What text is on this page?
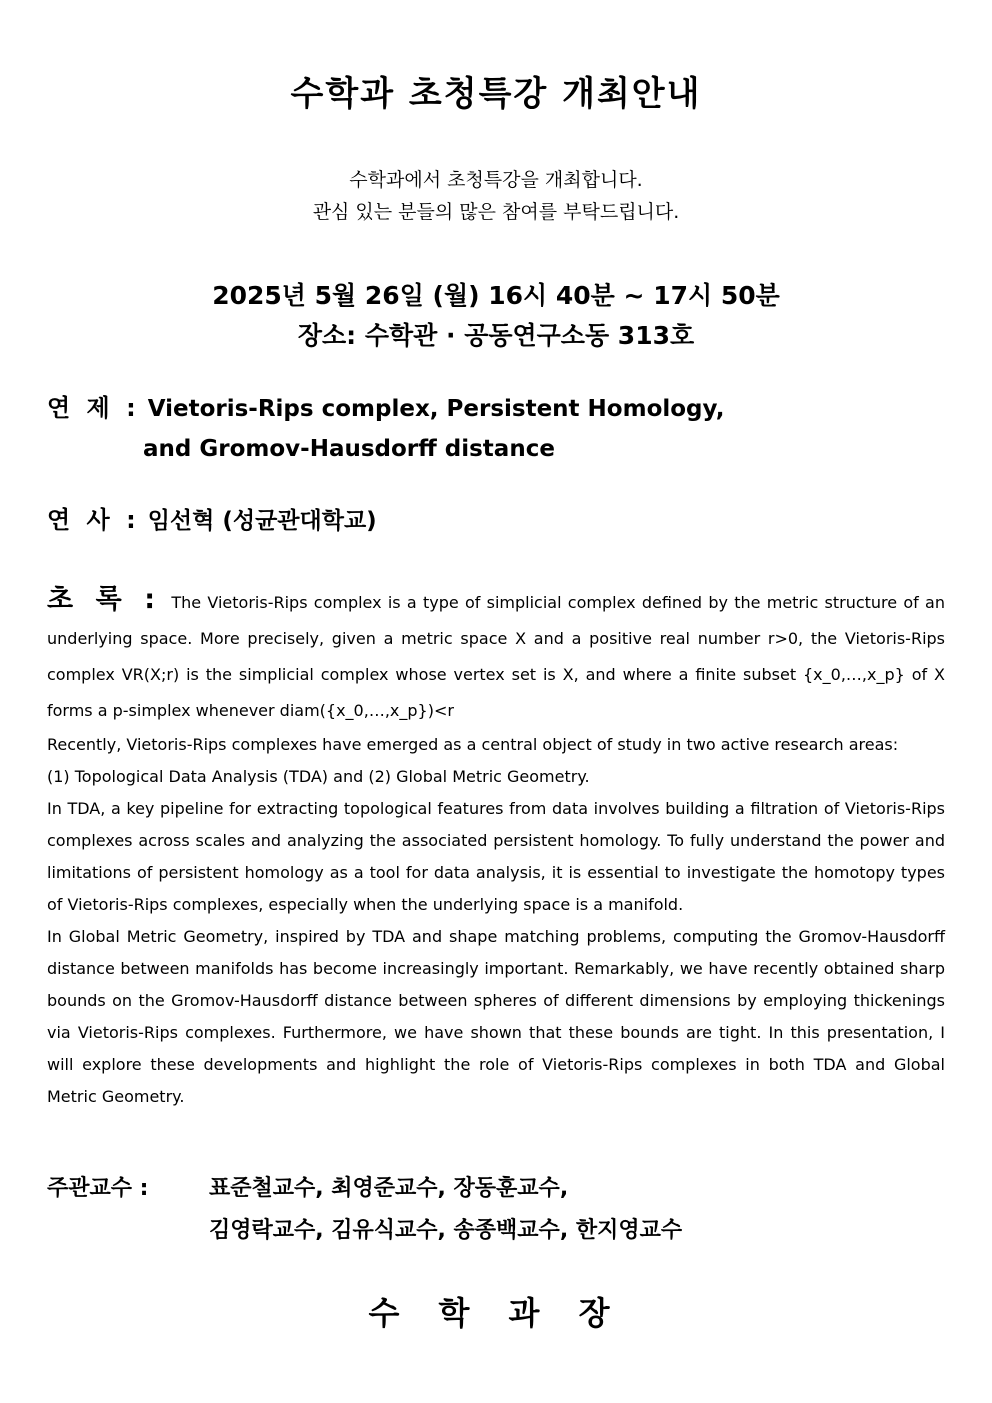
수학과 초청특강 개최안내
수학과에서 초청특강을 개최합니다.
관심 있는 분들의 많은 참여를 부탁드립니다.
2025년 5월 26일 (월) 16시 40분 ~ 17시 50분
장소: 수학관 · 공동연구소동 313호
연 제 : Vietoris-Rips complex, Persistent Homology,
and Gromov-Hausdorff distance
연 사 : 임선혁 (성균관대학교)

초 록 : The Vietoris-Rips complex is a type of simplicial complex defined by the metric structure of an underlying space. More precisely, given a metric space X and a positive real number r>0, the Vietoris-Rips complex VR(X;r) is the simplicial complex whose vertex set is X, and where a finite subset {x_0,…,x_p} of X forms a p-simplex whenever diam({x_0,…,x_p})<r

Recently, Vietoris-Rips complexes have emerged as a central object of study in two active research areas:

(1) Topological Data Analysis (TDA) and (2) Global Metric Geometry.

In TDA, a key pipeline for extracting topological features from data involves building a filtration of Vietoris-Rips complexes across scales and analyzing the associated persistent homology. To fully understand the power and limitations of persistent homology as a tool for data analysis, it is essential to investigate the homotopy types of Vietoris-Rips complexes, especially when the underlying space is a manifold.

In Global Metric Geometry, inspired by TDA and shape matching problems, computing the Gromov-Hausdorff distance between manifolds has become increasingly important. Remarkably, we have recently obtained sharp bounds on the Gromov-Hausdorff distance between spheres of different dimensions by employing thickenings via Vietoris-Rips complexes. Furthermore, we have shown that these bounds are tight. In this presentation, I will explore these developments and highlight the role of Vietoris-Rips complexes in both TDA and Global Metric Geometry.

주관교수 :	표준철교수, 최영준교수, 장동훈교수,
김영락교수, 김유식교수, 송종백교수, 한지영교수
수 학 과 장
